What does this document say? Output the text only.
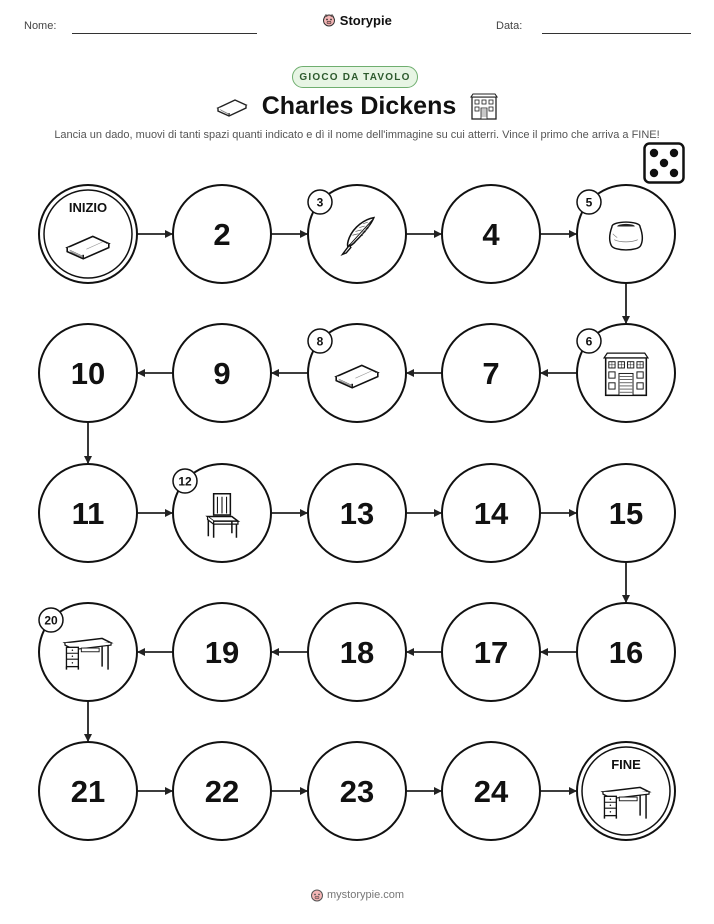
Nome:	Data:
Storypie
GIOCO DA TAVOLO
Charles Dickens
Lancia un dado, muovi di tanti spazi quanti indicato e dì il nome dell'immagine su cui atterri. Vince il primo che arriva a FINE!
INIZIO
2
3
4
5
6
7
8
9
10
11
12
13	14	15
16
17
18
19
20
21	22	23	24
FINE
mystorypie.com
